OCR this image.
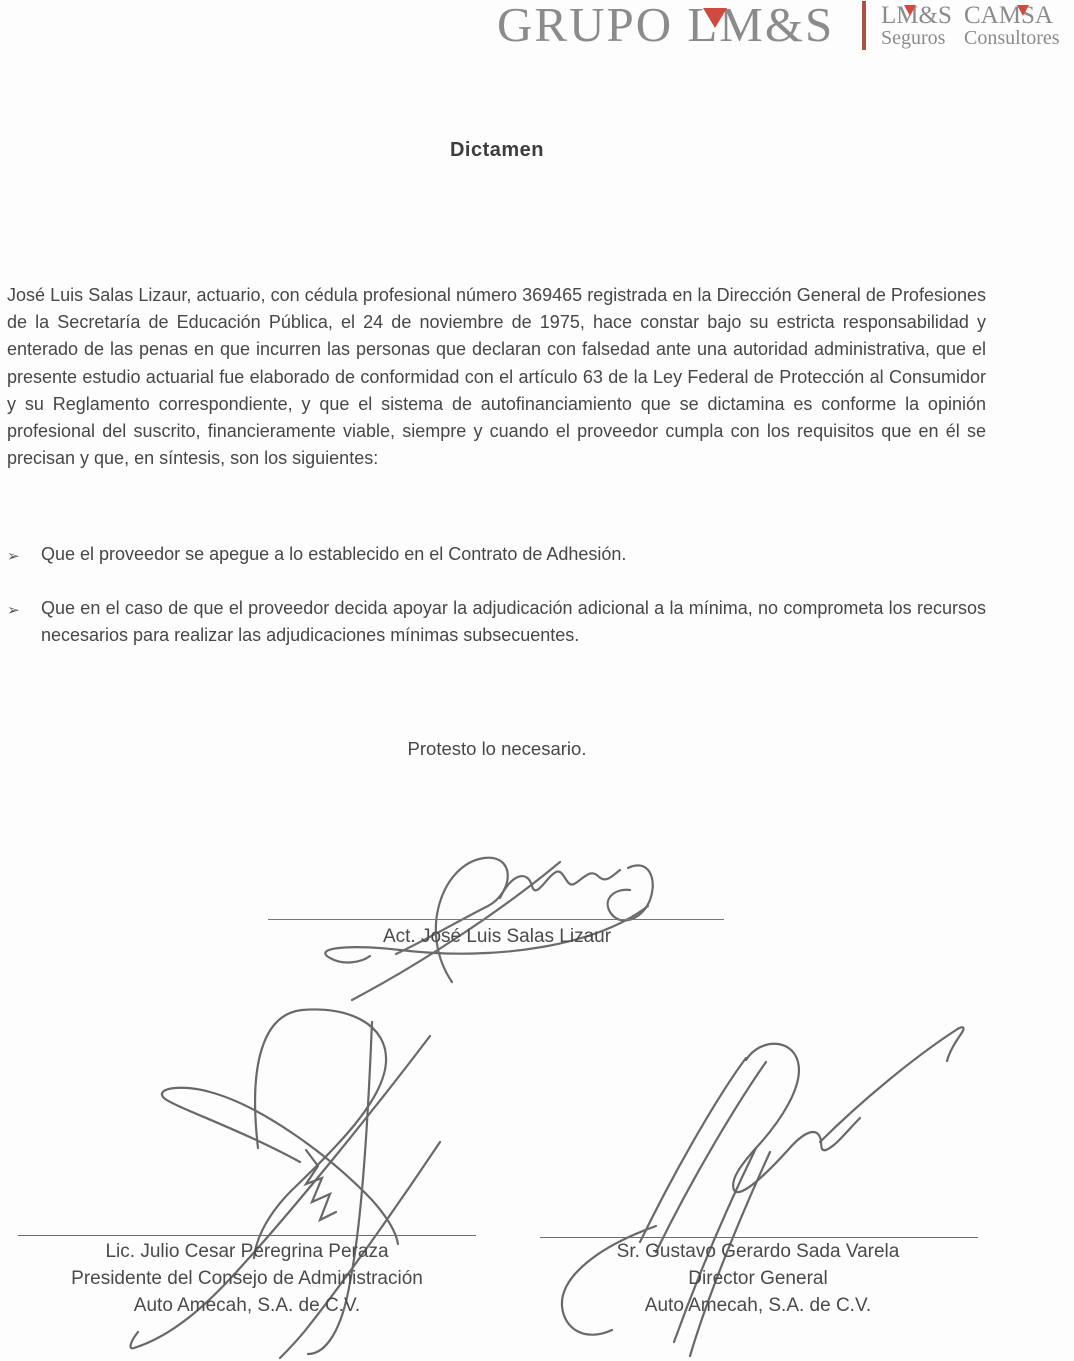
GRUPO LM&S LM&S
Seguros
CAMSA
Consultores
Dictamen
José Luis Salas Lizaur, actuario, con cédula profesional número 369465 registrada en la Dirección General de Profesiones de la Secretaría de Educación Pública, el 24 de noviembre de 1975, hace constar bajo su estricta responsabilidad y enterado de las penas en que incurren las personas que declaran con falsedad ante una autoridad administrativa, que el presente estudio actuarial fue elaborado de conformidad con el artículo 63 de la Ley Federal de Protección al Consumidor y su Reglamento correspondiente, y que el sistema de autofinanciamiento que se dictamina es conforme la opinión profesional del suscrito, financieramente viable, siempre y cuando el proveedor cumpla con los requisitos que en él se precisan y que, en síntesis, son los siguientes:
➢ Que el proveedor se apegue a lo establecido en el Contrato de Adhesión.
➢ Que en el caso de que el proveedor decida apoyar la adjudicación adicional a la mínima, no comprometa los recursos necesarios para realizar las adjudicaciones mínimas subsecuentes.
Protesto lo necesario.
Act. José Luis Salas Lizaur
Lic. Julio Cesar Peregrina Peraza
Presidente del Consejo de Administración
Auto Amecah, S.A. de C.V.
Sr. Gustavo Gerardo Sada Varela
Director General
Auto Amecah, S.A. de C.V.
